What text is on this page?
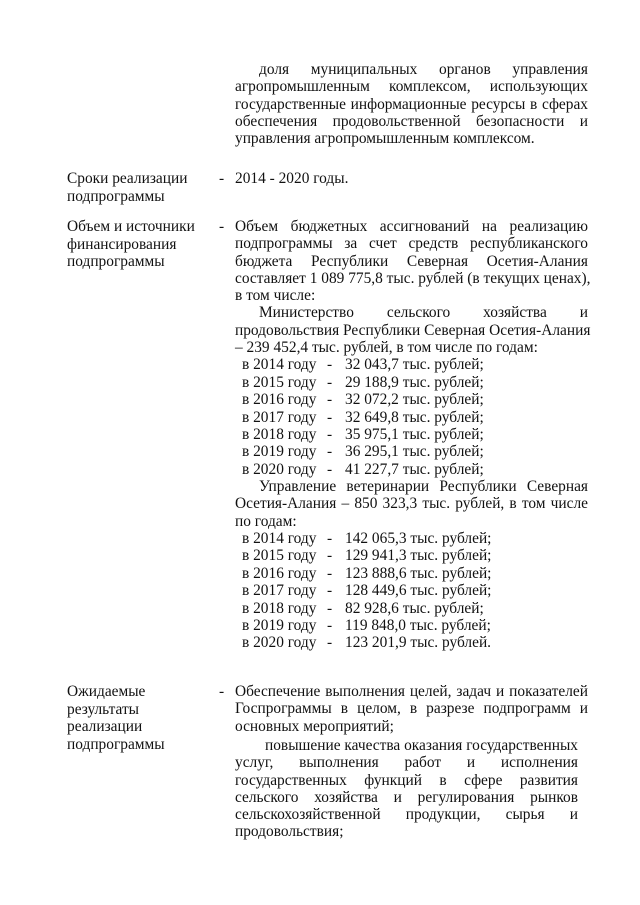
доля муниципальных органов управления
агропромышленным комплексом, использующих
государственные информационные ресурсы в сферах
обеспечения продовольственной безопасности и
управления агропромышленным комплексом.
Сроки реализации
подпрограммы
- 2014 - 2020 годы.
Объем и источники
финансирования
подпрограммы
- Объем бюджетных ассигнований на реализацию
подпрограммы за счет средств республиканского
бюджета Республики Северная Осетия-Алания
составляет 1 089 775,8 тыс. рублей (в текущих ценах),
в том числе:
Министерство сельского хозяйства и
продовольствия Республики Северная Осетия-Алания
– 239 452,4 тыс. рублей, в том числе по годам:
в 2014 году - 32 043,7 тыс. рублей;
в 2015 году - 29 188,9 тыс. рублей;
в 2016 году - 32 072,2 тыс. рублей;
в 2017 году - 32 649,8 тыс. рублей;
в 2018 году - 35 975,1 тыс. рублей;
в 2019 году - 36 295,1 тыс. рублей;
в 2020 году - 41 227,7 тыс. рублей;
Управление ветеринарии Республики Северная
Осетия-Алания – 850 323,3 тыс. рублей, в том числе
по годам:
в 2014 году - 142 065,3 тыс. рублей;
в 2015 году - 129 941,3 тыс. рублей;
в 2016 году - 123 888,6 тыс. рублей;
в 2017 году - 128 449,6 тыс. рублей;
в 2018 году - 82 928,6 тыс. рублей;
в 2019 году - 119 848,0 тыс. рублей;
в 2020 году - 123 201,9 тыс. рублей.
Ожидаемые
результаты
реализации
подпрограммы
- Обеспечение выполнения целей, задач и показателей
Госпрограммы в целом, в разрезе подпрограмм и
основных мероприятий;
повышение качества оказания государственных
услуг, выполнения работ и исполнения
государственных функций в сфере развития
сельского хозяйства и регулирования рынков
сельскохозяйственной продукции, сырья и
продовольствия;
